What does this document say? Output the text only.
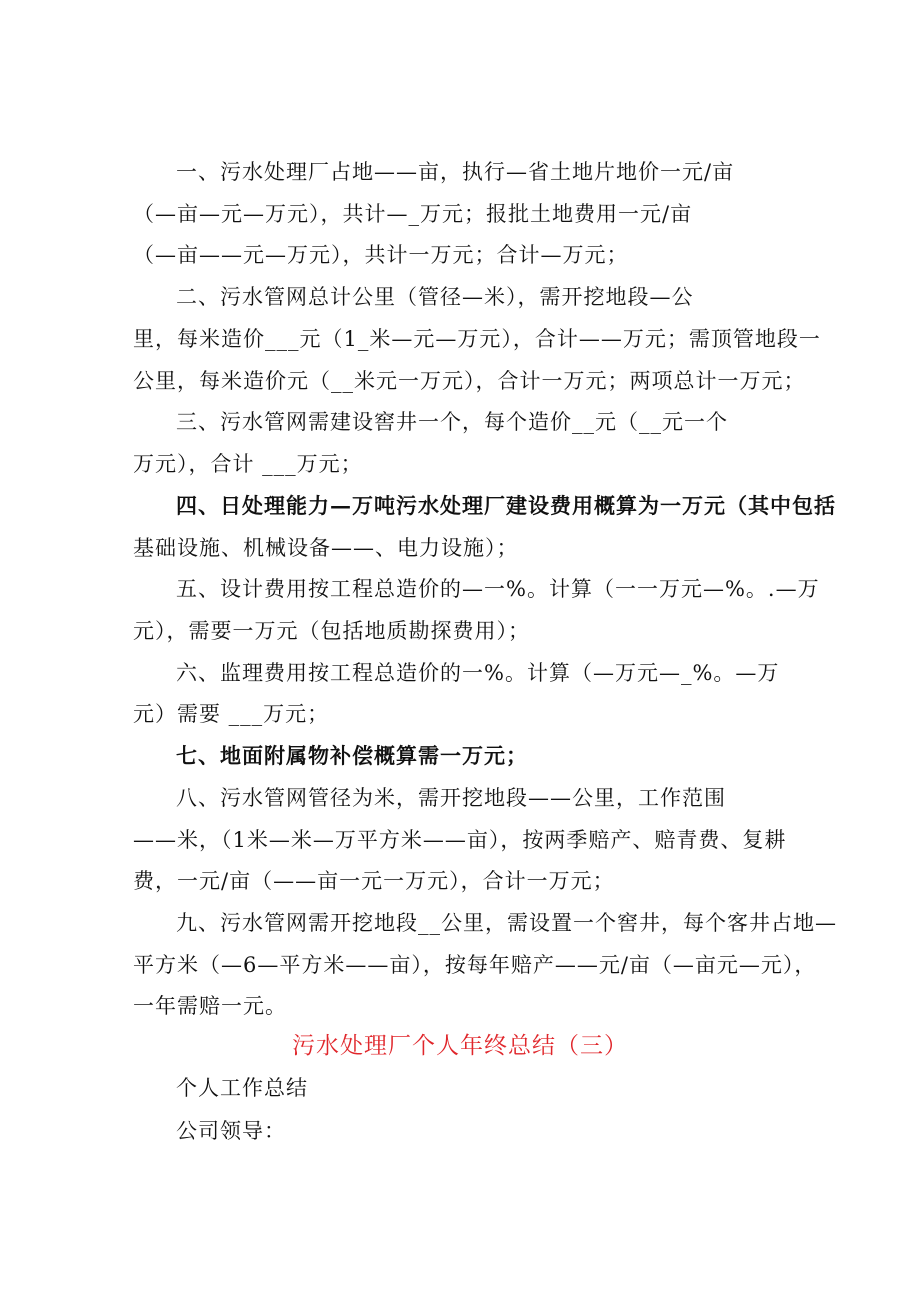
一、污水处理厂占地——亩，执行—省土地片地价一元/亩
（—亩—元—万元），共计—_万元；报批土地费用一元/亩
（—亩——元—万元），共计一万元；合计—万元；
二、污水管网总计公里（管径—米），需开挖地段—公
里，每米造价___元（1_米—元—万元），合计——万元；需顶管地段一
公里，每米造价元（__米元一万元），合计一万元；两项总计一万元；
三、污水管网需建设窖井一个，每个造价__元（__元一个
万元），合计 ___万元；
四、日处理能力—万吨污水处理厂建设费用概算为一万元（其中包括
基础设施、机械设备——、电力设施）；
五、设计费用按工程总造价的—一%。计算（一一万元—%。.—万
元），需要一万元（包括地质勘探费用）；
六、监理费用按工程总造价的一%。计算（—万元—_%。—万
元）需要 ___万元；
七、地面附属物补偿概算需一万元；
八、污水管网管径为米，需开挖地段——公里，工作范围
——米，（1米—米—万平方米——亩），按两季赔产、赔青费、复耕
费，一元/亩（——亩一元一万元），合计一万元；
九、污水管网需开挖地段__公里，需设置一个窖井，每个客井占地—
平方米（—6—平方米——亩），按每年赔产——元/亩（—亩元—元），
一年需赔一元。
污水处理厂个人年终总结（三）
个人工作总结
公司领导：
